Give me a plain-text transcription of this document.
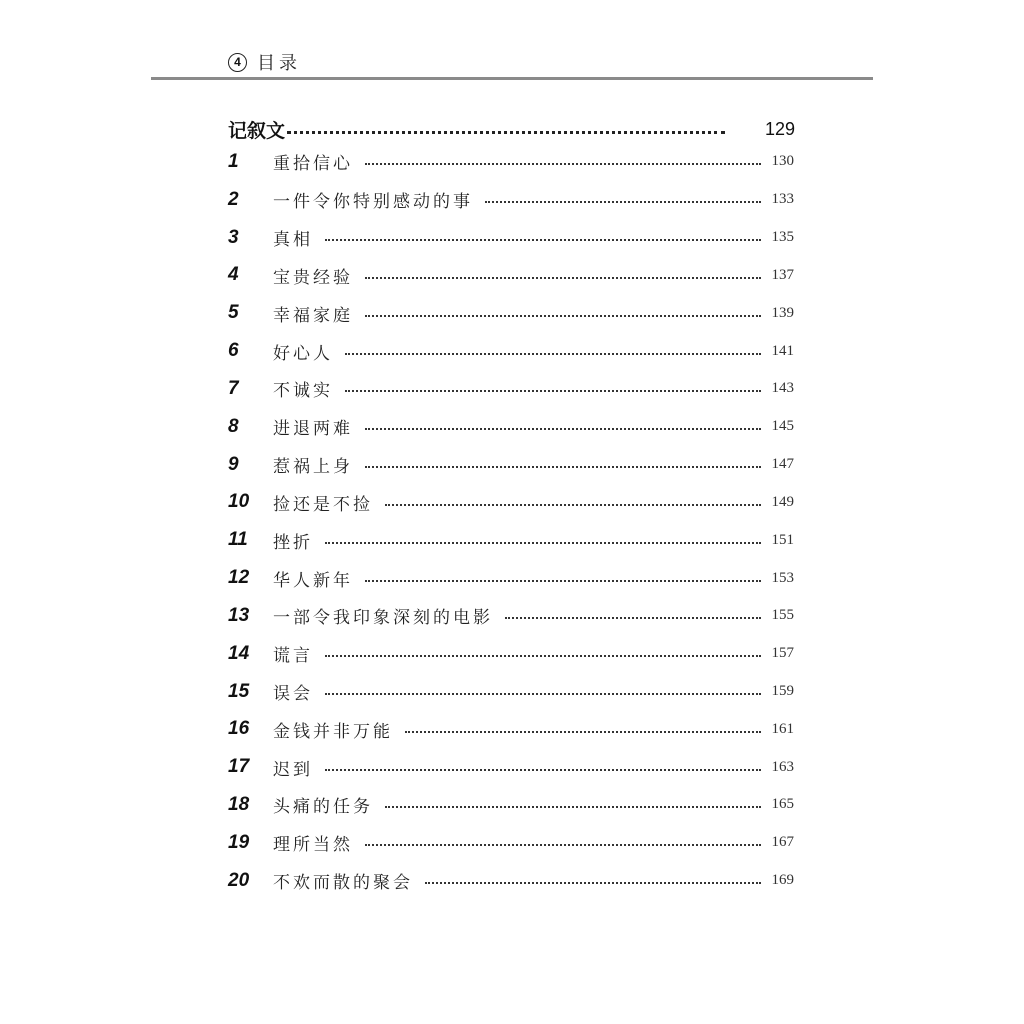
4 目录
记叙文	129
1	重拾信心	130
2	一件令你特别感动的事	133
3	真相	135
4	宝贵经验	137
5	幸福家庭	139
6	好心人	141
7	不诚实	143
8	进退两难	145
9	惹祸上身	147
10	捡还是不捡	149
11	挫折	151
12	华人新年	153
13	一部令我印象深刻的电影	155
14	谎言	157
15	误会	159
16	金钱并非万能	161
17	迟到	163
18	头痛的任务	165
19	理所当然	167
20	不欢而散的聚会	169
